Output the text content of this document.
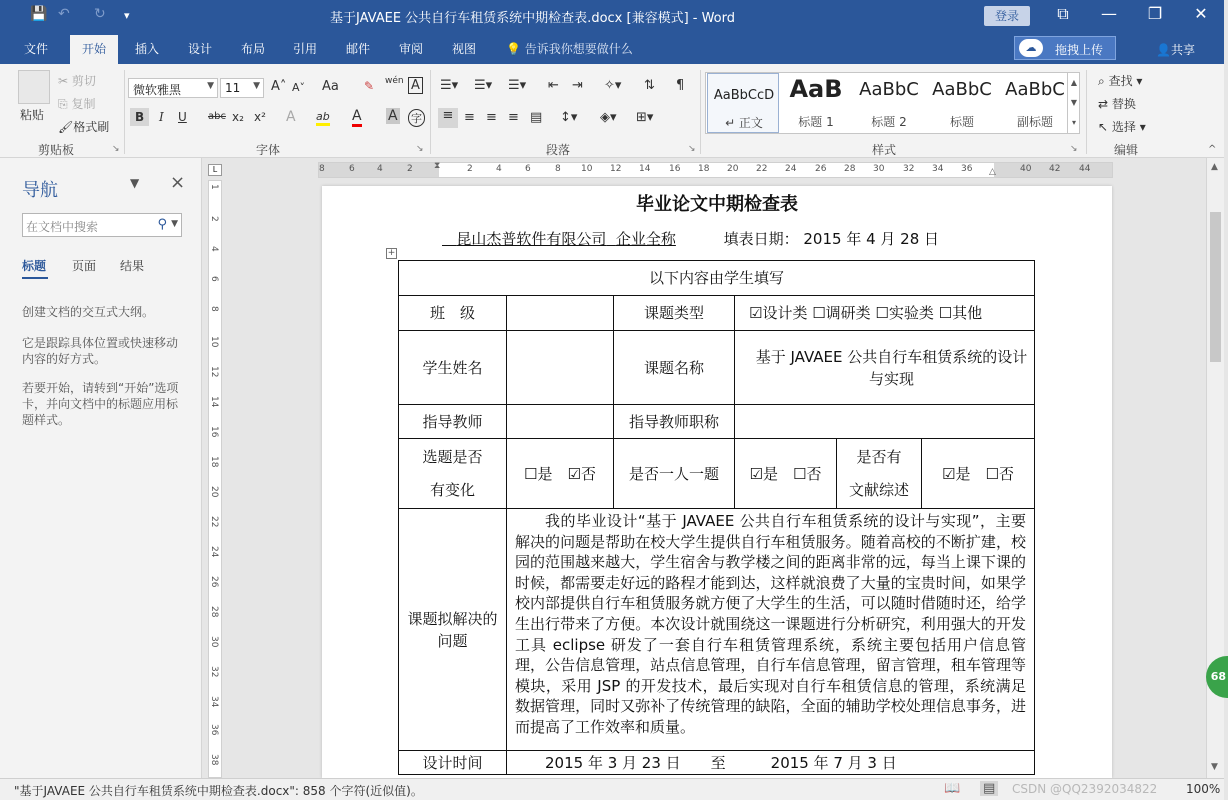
💾 ↶ ↻ ▾	基于JAVAEE 公共自行车租赁系统中期检查表.docx [兼容模式] - Word	登录	⧉	—	❐	✕
文件	开始	插入 设计 布局 引用 邮件 审阅 视图 💡 告诉我你想要做什么	☁	拖拽上传	👤共享
粘贴
✂ 剪切
⎘ 复制
🖌格式刷
剪贴板	↘
微软雅黑	▼ 11 ▼ A˄ A˅ Aa ✎ wén A
B	I U abc x₂ x² A ab A A 字
字体	↘
☰▾ ☰▾ ☰▾ ⇤ ⇥ ✧▾ ⇅ ¶
≡ ≡ ≡ ≡ ▤ ↕▾ ◈▾ ⊞▾
段落	↘
AaBbCcD
↵ 正文
AaB
标题 1
AaBbC
标题 2
AaBbC
标题
AaBbC
副标题
▲
▼
▾
样式	↘
⌕ 查找 ▾
⇄ 替换
↖ 选择 ▾
编辑	^
导航	▼ ×
在文档中搜索	⚲ ▼
标题 页面 结果
创建文档的交互式大纲。
它是跟踪具体位置或快速移动内容的好方式。
若要开始，请转到“开始”选项卡，并向文档中的标题应用标题样式。
L
1
2
4
6
8
10
12
14
16
18
20
22
24
26
28
30
32
34
36
38
8	6 4	2	2	4	6	8 10 12 14 16 18 20 22 24 26 28 30 32 34 36	40 42 44
⧗
△
毕业论文中期检查表
昆山杰普软件有限公司 企业全称	填表日期： 2015 年 4 月 28 日
+
以下内容由学生填写					
班　级		课题类型	☑设计类 ☐调研类 ☐实验类 ☐其他		
学生姓名		课题名称	基于 JAVAEE 公共自行车租赁系统的设计与实现		
指导教师		指导教师职称			
选题是否
有变化	☐是　☑否	是否一人一题	☑是　☐否	是否有
文献综述	☑是　☐否
课题拟解决的问题	我的毕业设计“基于 JAVAEE 公共自行车租赁系统的设计与实现”，主要解决的问题是帮助在校大学生提供自行车租赁服务。随着高校的不断扩建，校园的范围越来越大，学生宿舍与教学楼之间的距离非常的远，每当上课下课的时候，都需要走好远的路程才能到达，这样就浪费了大量的宝贵时间，如果学校内部提供自行车租赁服务就方便了大学生的生活，可以随时借随时还，给学生出行带来了方便。本次设计就围绕这一课题进行分析研究，利用强大的开发工具 eclipse 研发了一套自行车租赁管理系统，系统主要包括用户信息管理，公告信息管理，站点信息管理，自行车信息管理，留言管理，租车管理等模块，采用 JSP 的开发技术，最后实现对自行车租赁信息的管理，系统满足数据管理，同时又弥补了传统管理的缺陷，全面的辅助学校处理信息事务，进而提高了工作效率和质量。				
设计时间	2015 年 3 月 23 日　　至　　　2015 年 7 月 3 日				
▲
▼
68
"基于JAVAEE 公共自行车租赁系统中期检查表.docx": 858 个字符(近似值)。	📖 ▤ CSDN @QQ2392034822 100%
